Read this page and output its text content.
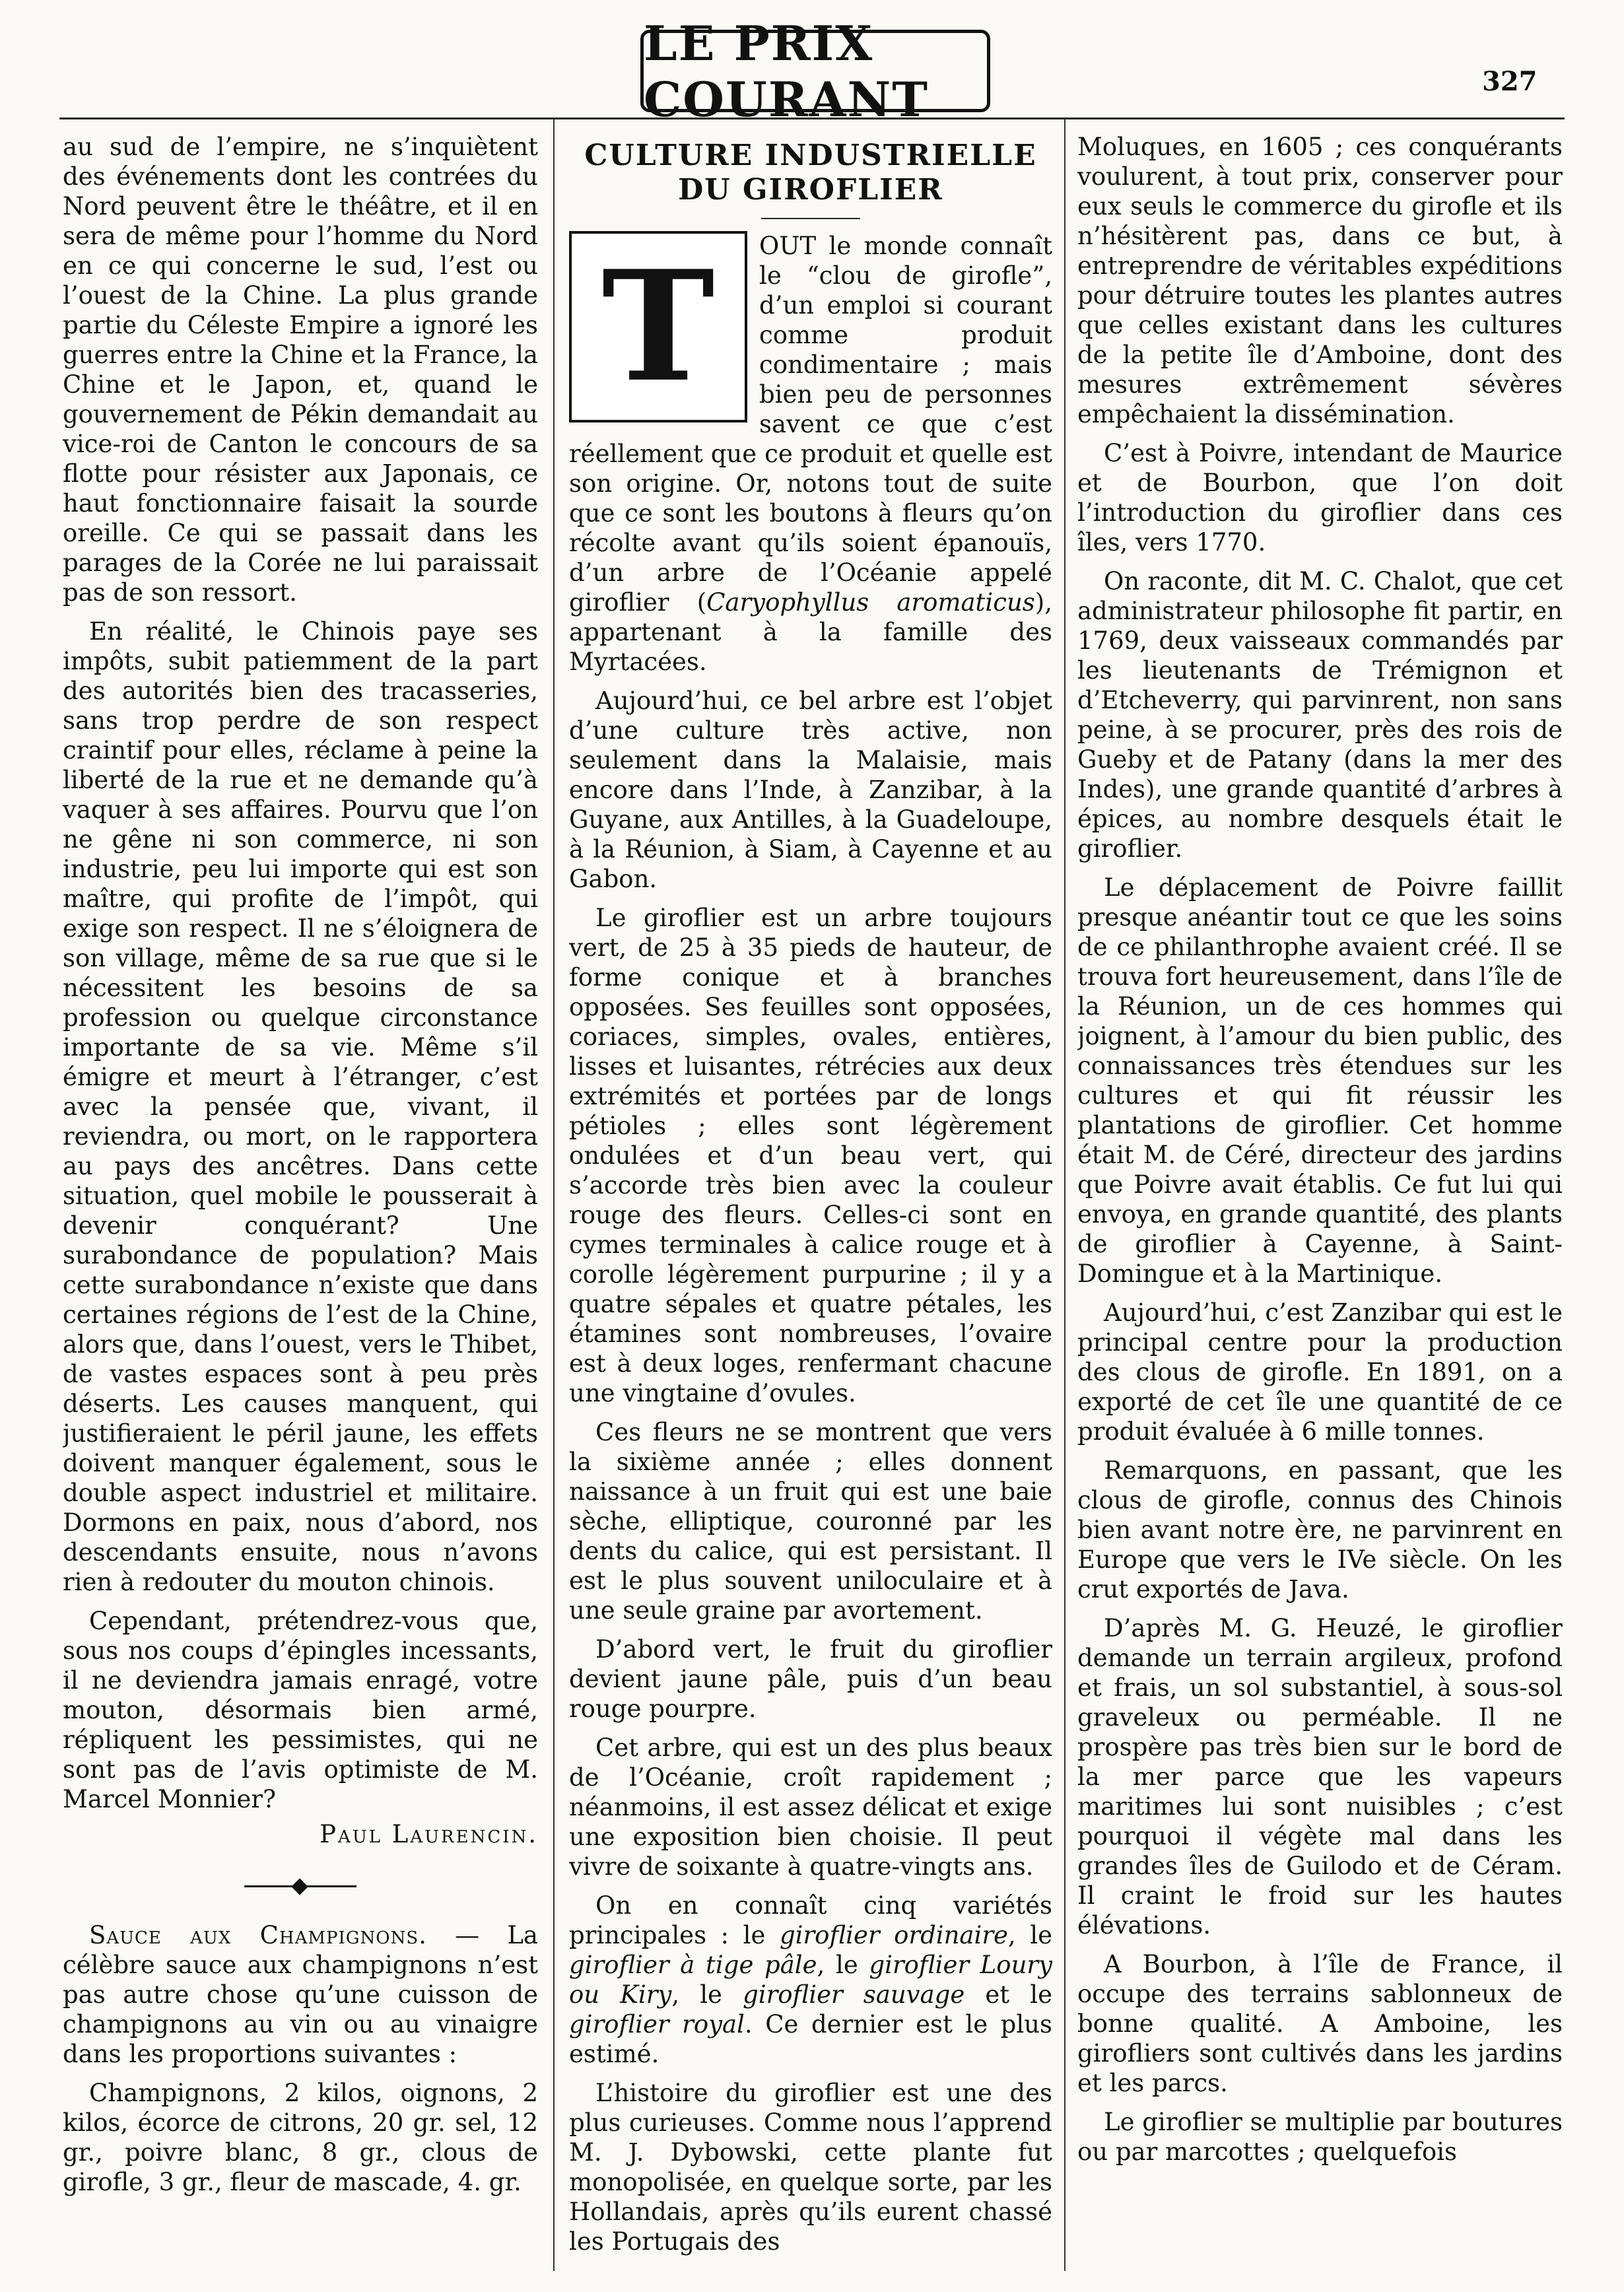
LE PRIX COURANT	327

au sud de l’empire, ne s’inquiètent des événements dont les contrées du Nord peuvent être le théâtre, et il en sera de même pour l’homme du Nord en ce qui concerne le sud, l’est ou l’ouest de la Chine. La plus grande partie du Céleste Empire a ignoré les guerres entre la Chine et la France, la Chine et le Japon, et, quand le gouvernement de Pékin demandait au vice-roi de Canton le concours de sa flotte pour résister aux Japonais, ce haut fonctionnaire faisait la sourde oreille. Ce qui se passait dans les parages de la Corée ne lui paraissait pas de son ressort.

En réalité, le Chinois paye ses impôts, subit patiemment de la part des autorités bien des tracasseries, sans trop perdre de son respect craintif pour elles, réclame à peine la liberté de la rue et ne demande qu’à vaquer à ses affaires. Pourvu que l’on ne gêne ni son commerce, ni son industrie, peu lui importe qui est son maître, qui profite de l’impôt, qui exige son respect. Il ne s’éloignera de son village, même de sa rue que si le nécessitent les besoins de sa profession ou quelque circonstance importante de sa vie. Même s’il émigre et meurt à l’étranger, c’est avec la pensée que, vivant, il reviendra, ou mort, on le rapportera au pays des ancêtres. Dans cette situation, quel mobile le pousserait à devenir conquérant? Une surabondance de population? Mais cette surabondance n’existe que dans certaines régions de l’est de la Chine, alors que, dans l’ouest, vers le Thibet, de vastes espaces sont à peu près déserts. Les causes manquent, qui justifieraient le péril jaune, les effets doivent manquer également, sous le double aspect industriel et militaire. Dormons en paix, nous d’abord, nos descendants ensuite, nous n’avons rien à redouter du mouton chinois.

Cependant, prétendrez-vous que, sous nos coups d’épingles incessants, il ne deviendra jamais enragé, votre mouton, désormais bien armé, répliquent les pessimistes, qui ne sont pas de l’avis optimiste de M. Marcel Monnier?

Paul Laurencin.

Sauce aux Champignons. — La célèbre sauce aux champignons n’est pas autre chose qu’une cuisson de champignons au vin ou au vinaigre dans les proportions suivantes :

Champignons, 2 kilos, oignons, 2 kilos, écorce de citrons, 20 gr. sel, 12 gr., poivre blanc, 8 gr., clous de girofle, 3 gr., fleur de mascade, 4. gr.

CULTURE INDUSTRIELLE DU GIROFLIER
T	OUT le monde connaît le “clou de girofle”, d’un emploi si courant comme produit condimentaire ; mais bien peu de personnes savent ce que c’est réellement que ce produit et quelle est son origine. Or, notons tout de suite que ce sont les boutons à fleurs qu’on récolte avant qu’ils soient épanouïs, d’un arbre de l’Océanie appelé giroflier (Caryophyllus aromaticus), appartenant à la famille des Myrtacées.

Aujourd’hui, ce bel arbre est l’objet d’une culture très active, non seulement dans la Malaisie, mais encore dans l’Inde, à Zanzibar, à la Guyane, aux Antilles, à la Guadeloupe, à la Réunion, à Siam, à Cayenne et au Gabon.

Le giroflier est un arbre toujours vert, de 25 à 35 pieds de hauteur, de forme conique et à branches opposées. Ses feuilles sont opposées, coriaces, simples, ovales, entières, lisses et luisantes, rétrécies aux deux extrémités et portées par de longs pétioles ; elles sont légèrement ondulées et d’un beau vert, qui s’accorde très bien avec la couleur rouge des fleurs. Celles-ci sont en cymes terminales à calice rouge et à corolle légèrement purpurine ; il y a quatre sépales et quatre pétales, les étamines sont nombreuses, l’ovaire est à deux loges, renfermant chacune une vingtaine d’ovules.

Ces fleurs ne se montrent que vers la sixième année ; elles donnent naissance à un fruit qui est une baie sèche, elliptique, couronné par les dents du calice, qui est persistant. Il est le plus souvent uniloculaire et à une seule graine par avortement.

D’abord vert, le fruit du giroflier devient jaune pâle, puis d’un beau rouge pourpre.

Cet arbre, qui est un des plus beaux de l’Océanie, croît rapidement ; néanmoins, il est assez délicat et exige une exposition bien choisie. Il peut vivre de soixante à quatre-vingts ans.

On en connaît cinq variétés principales : le giroflier ordinaire, le giroflier à tige pâle, le giroflier Loury ou Kiry, le giroflier sauvage et le giroflier royal. Ce dernier est le plus estimé.

L’histoire du giroflier est une des plus curieuses. Comme nous l’apprend M. J. Dybowski, cette plante fut monopolisée, en quelque sorte, par les Hollandais, après qu’ils eurent chassé les Portugais des

Moluques, en 1605 ; ces conquérants voulurent, à tout prix, conserver pour eux seuls le commerce du girofle et ils n’hésitèrent pas, dans ce but, à entreprendre de véritables expéditions pour détruire toutes les plantes autres que celles existant dans les cultures de la petite île d’Amboine, dont des mesures extrêmement sévères empêchaient la dissémination.

C’est à Poivre, intendant de Maurice et de Bourbon, que l’on doit l’introduction du giroflier dans ces îles, vers 1770.

On raconte, dit M. C. Chalot, que cet administrateur philosophe fit partir, en 1769, deux vaisseaux commandés par les lieutenants de Trémignon et d’Etcheverry, qui parvinrent, non sans peine, à se procurer, près des rois de Gueby et de Patany (dans la mer des Indes), une grande quantité d’arbres à épices, au nombre desquels était le giroflier.

Le déplacement de Poivre faillit presque anéantir tout ce que les soins de ce philanthrophe avaient créé. Il se trouva fort heureusement, dans l’île de la Réunion, un de ces hommes qui joignent, à l’amour du bien public, des connaissances très étendues sur les cultures et qui fit réussir les plantations de giroflier. Cet homme était M. de Céré, directeur des jardins que Poivre avait établis. Ce fut lui qui envoya, en grande quantité, des plants de giroflier à Cayenne, à Saint-Domingue et à la Martinique.

Aujourd’hui, c’est Zanzibar qui est le principal centre pour la production des clous de girofle. En 1891, on a exporté de cet île une quantité de ce produit évaluée à 6 mille tonnes.

Remarquons, en passant, que les clous de girofle, connus des Chinois bien avant notre ère, ne parvinrent en Europe que vers le IVe siècle. On les crut exportés de Java.

D’après M. G. Heuzé, le giroflier demande un terrain argileux, profond et frais, un sol substantiel, à sous-sol graveleux ou perméable. Il ne prospère pas très bien sur le bord de la mer parce que les vapeurs maritimes lui sont nuisibles ; c’est pourquoi il végète mal dans les grandes îles de Guilodo et de Céram. Il craint le froid sur les hautes élévations.

A Bourbon, à l’île de France, il occupe des terrains sablonneux de bonne qualité. A Amboine, les girofliers sont cultivés dans les jardins et les parcs.

Le giroflier se multiplie par boutures ou par marcottes ; quelquefois
